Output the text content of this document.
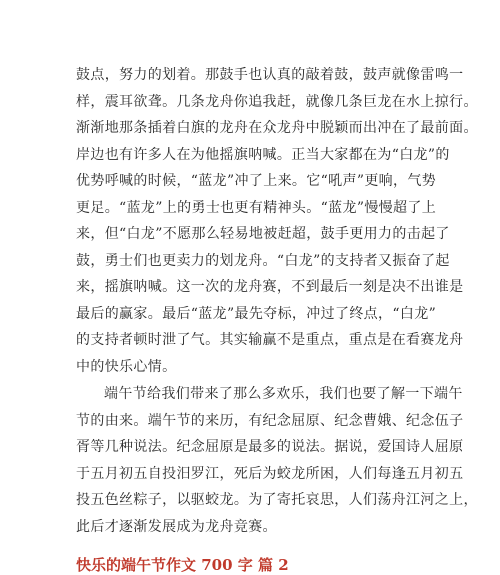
鼓点，努力的划着。那鼓手也认真的敲着鼓，鼓声就像雷鸣一
样，震耳欲聋。几条龙舟你追我赶，就像几条巨龙在水上掠行。
渐渐地那条插着白旗的龙舟在众龙舟中脱颖而出冲在了最前面。
岸边也有许多人在为他摇旗呐喊。正当大家都在为“白龙”的
优势呼喊的时候，“蓝龙”冲了上来。它“吼声”更响，气势
更足。“蓝龙”上的勇士也更有精神头。“蓝龙”慢慢超了上
来，但“白龙”不愿那么轻易地被赶超，鼓手更用力的击起了
鼓，勇士们也更卖力的划龙舟。“白龙”的支持者又振奋了起
来，摇旗呐喊。这一次的龙舟赛，不到最后一刻是决不出谁是
最后的赢家。最后“蓝龙”最先夺标，冲过了终点，“白龙”
的支持者顿时泄了气。其实输赢不是重点，重点是在看赛龙舟
中的快乐心情。
端午节给我们带来了那么多欢乐，我们也要了解一下端午
节的由来。端午节的来历，有纪念屈原、纪念曹娥、纪念伍子
胥等几种说法。纪念屈原是最多的说法。据说，爱国诗人屈原
于五月初五自投汨罗江，死后为蛟龙所困，人们每逢五月初五
投五色丝粽子，以驱蛟龙。为了寄托哀思，人们荡舟江河之上，
此后才逐渐发展成为龙舟竞赛。
快乐的端午节作文 700 字 篇 2
